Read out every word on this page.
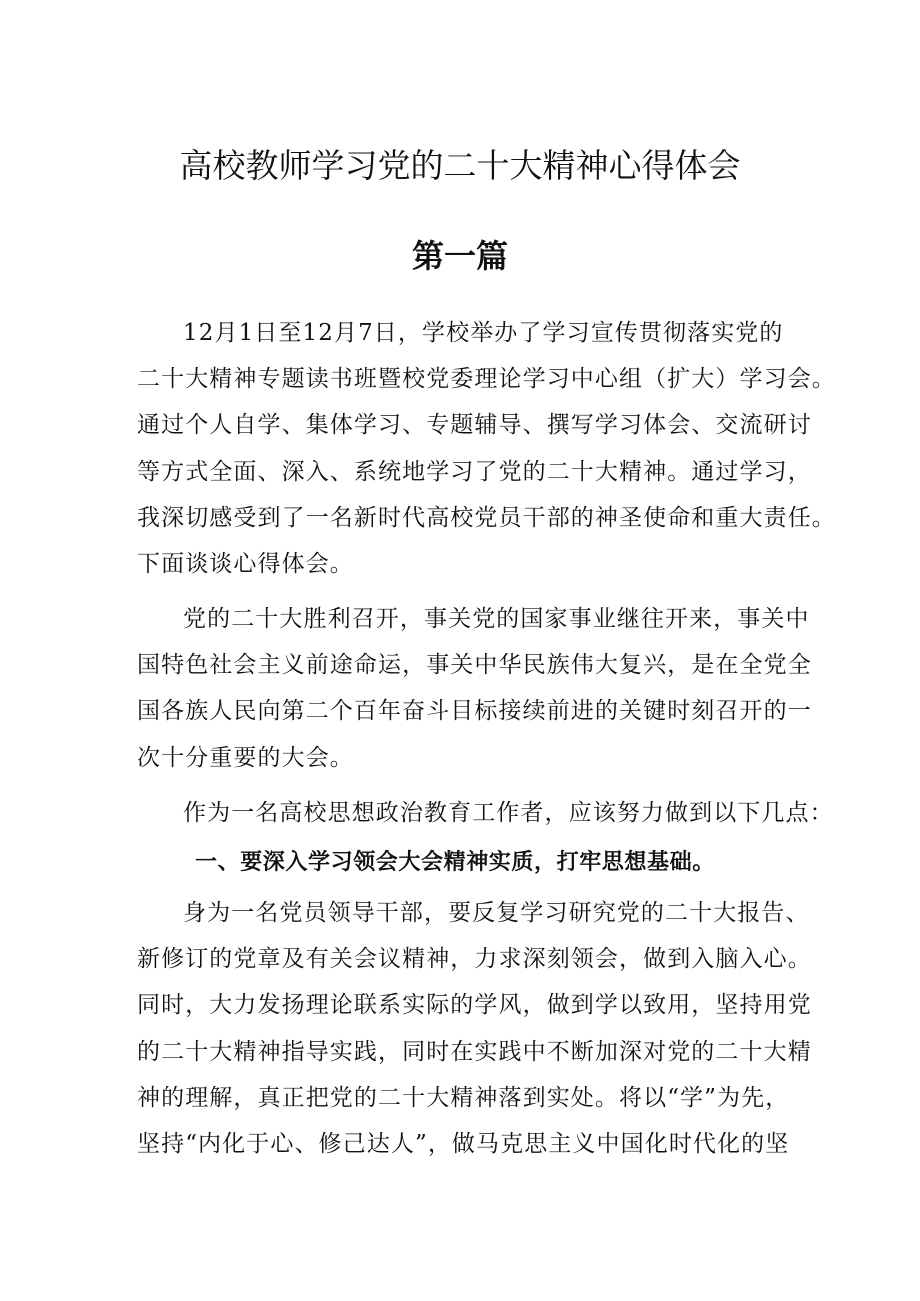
高校教师学习党的二十大精神心得体会
第一篇
12月1日至12月7日，学校举办了学习宣传贯彻落实党的
二十大精神专题读书班暨校党委理论学习中心组（扩大）学习会。
通过个人自学、集体学习、专题辅导、撰写学习体会、交流研讨
等方式全面、深入、系统地学习了党的二十大精神。通过学习，
我深切感受到了一名新时代高校党员干部的神圣使命和重大责任。
下面谈谈心得体会。
党的二十大胜利召开，事关党的国家事业继往开来，事关中
国特色社会主义前途命运，事关中华民族伟大复兴，是在全党全
国各族人民向第二个百年奋斗目标接续前进的关键时刻召开的一
次十分重要的大会。
作为一名高校思想政治教育工作者，应该努力做到以下几点：
一、要深入学习领会大会精神实质，打牢思想基础。
身为一名党员领导干部，要反复学习研究党的二十大报告、
新修订的党章及有关会议精神，力求深刻领会，做到入脑入心。
同时，大力发扬理论联系实际的学风，做到学以致用，坚持用党
的二十大精神指导实践，同时在实践中不断加深对党的二十大精
神的理解，真正把党的二十大精神落到实处。将以“学”为先，
坚持“内化于心、修己达人”，做马克思主义中国化时代化的坚
